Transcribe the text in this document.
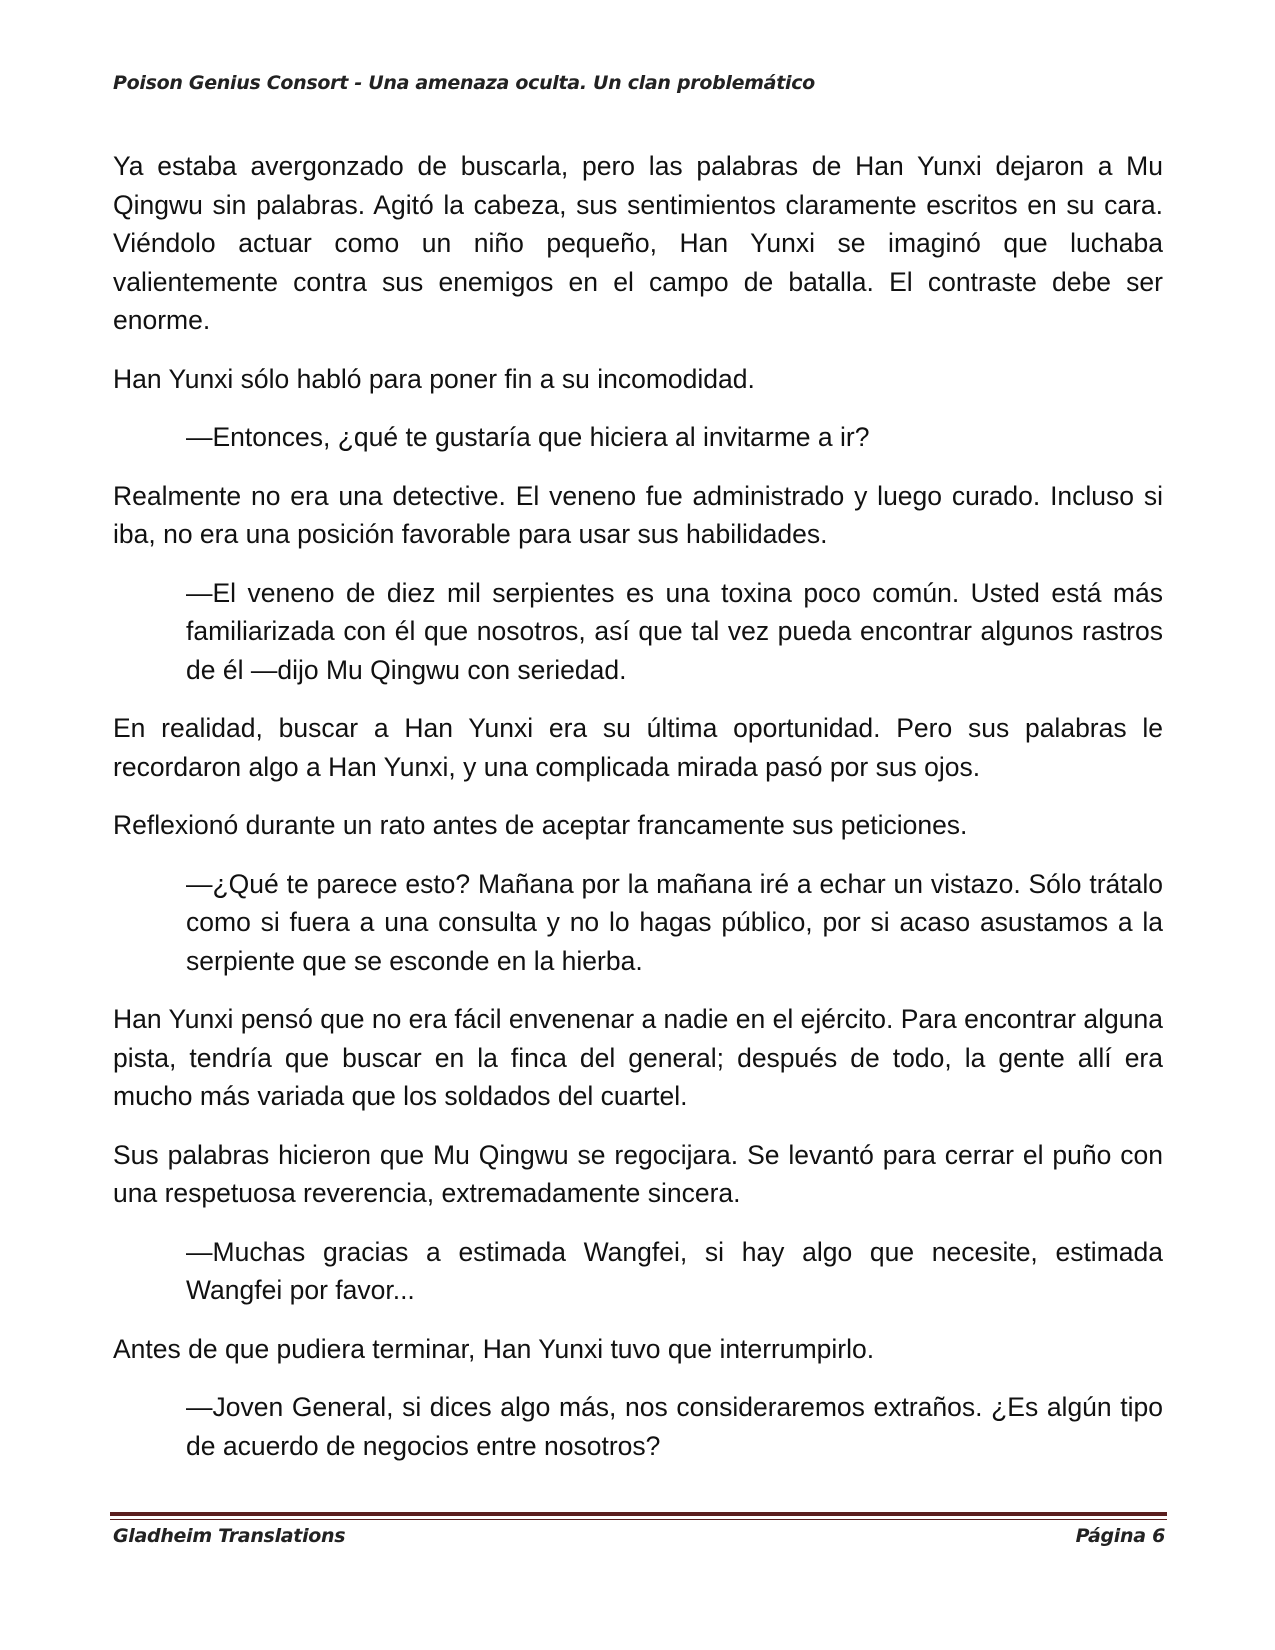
Poison Genius Consort - Una amenaza oculta. Un clan problemático

Ya estaba avergonzado de buscarla, pero las palabras de Han Yunxi dejaron a Mu Qingwu sin palabras. Agitó la cabeza, sus sentimientos claramente escritos en su cara. Viéndolo actuar como un niño pequeño, Han Yunxi se imaginó que luchaba valientemente contra sus enemigos en el campo de batalla. El contraste debe ser enorme.

Han Yunxi sólo habló para poner fin a su incomodidad.

—Entonces, ¿qué te gustaría que hiciera al invitarme a ir?

Realmente no era una detective. El veneno fue administrado y luego curado. Incluso si iba, no era una posición favorable para usar sus habilidades.

—El veneno de diez mil serpientes es una toxina poco común. Usted está más familiarizada con él que nosotros, así que tal vez pueda encontrar algunos rastros de él —dijo Mu Qingwu con seriedad.

En realidad, buscar a Han Yunxi era su última oportunidad. Pero sus palabras le recordaron algo a Han Yunxi, y una complicada mirada pasó por sus ojos.

Reflexionó durante un rato antes de aceptar francamente sus peticiones.

—¿Qué te parece esto? Mañana por la mañana iré a echar un vistazo. Sólo trátalo como si fuera a una consulta y no lo hagas público, por si acaso asustamos a la serpiente que se esconde en la hierba.

Han Yunxi pensó que no era fácil envenenar a nadie en el ejército. Para encontrar alguna pista, tendría que buscar en la finca del general; después de todo, la gente allí era mucho más variada que los soldados del cuartel.

Sus palabras hicieron que Mu Qingwu se regocijara. Se levantó para cerrar el puño con una respetuosa reverencia, extremadamente sincera.

—Muchas gracias a estimada Wangfei, si hay algo que necesite, estimada Wangfei por favor...

Antes de que pudiera terminar, Han Yunxi tuvo que interrumpirlo.

—Joven General, si dices algo más, nos consideraremos extraños. ¿Es algún tipo de acuerdo de negocios entre nosotros?

Gladheim Translations	Página 6
